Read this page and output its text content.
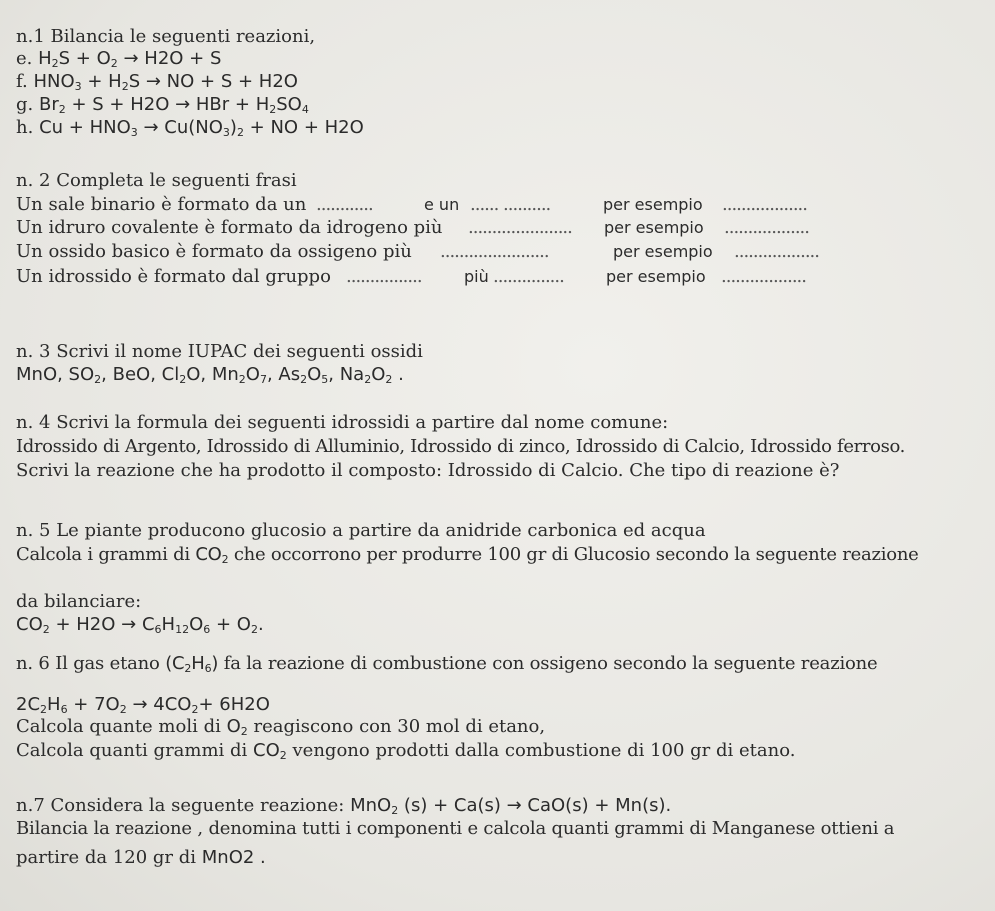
n.1 Bilancia le seguenti reazioni,
e. $H_2S + O_2 \to H2O + S$
f. $HNO_3 + H_2S$ → NO + S + H2O
g. $Br_2 + S + H2O$ → HBr + $H_2SO_4$
h. $Cu + HNO_3 \to Cu(NO_3)_2$ + NO + H2O
n. 2 Completa le seguenti frasi
Un sale binario è formato da un ............	e un ...... ..........	per esempio ..................
Un idruro covalente è formato da idrogeno più ...................... per esempio ..................
Un ossido basico è formato da ossigeno più .......................	per esempio ..................
Un idrossido è formato dal gruppo ................	più ...............	per esempio ..................
n. 3 Scrivi il nome IUPAC dei seguenti ossidi
MnO, $SO_2$, BeO, $Cl_2O$, $Mn_2O_7$, $As_2O_5$, $Na_2O_2$ .
n. 4 Scrivi la formula dei seguenti idrossidi a partire dal nome comune:
Idrossido di Argento, Idrossido di Alluminio, Idrossido di zinco, Idrossido di Calcio, Idrossido ferroso.
Scrivi la reazione che ha prodotto il composto: Idrossido di Calcio. Che tipo di reazione è?
n. 5 Le piante producono glucosio a partire da anidride carbonica ed acqua
Calcola i grammi di $CO_2$ che occorrono per produrre 100 gr di Glucosio secondo la seguente reazione
da bilanciare:
$CO_2 + H2O \to C_6H_{12}O_6 + O_2$.
n. 6 Il gas etano $(C_2H_6)$ fa la reazione di combustione con ossigeno secondo la seguente reazione
$2C_2H_6 + 7O_2 \to 4CO_2+ 6H2O$
Calcola quante moli di $O_2$ reagiscono con 30 mol di etano,
Calcola quanti grammi di $CO_2$ vengono prodotti dalla combustione di 100 gr di etano.
n.7 Considera la seguente reazione: MnO$_2$ (s) + Ca(s) → CaO(s) + Mn(s).
Bilancia la reazione , denomina tutti i componenti e calcola quanti grammi di Manganese ottieni a
partire da 120 gr di MnO2 .
